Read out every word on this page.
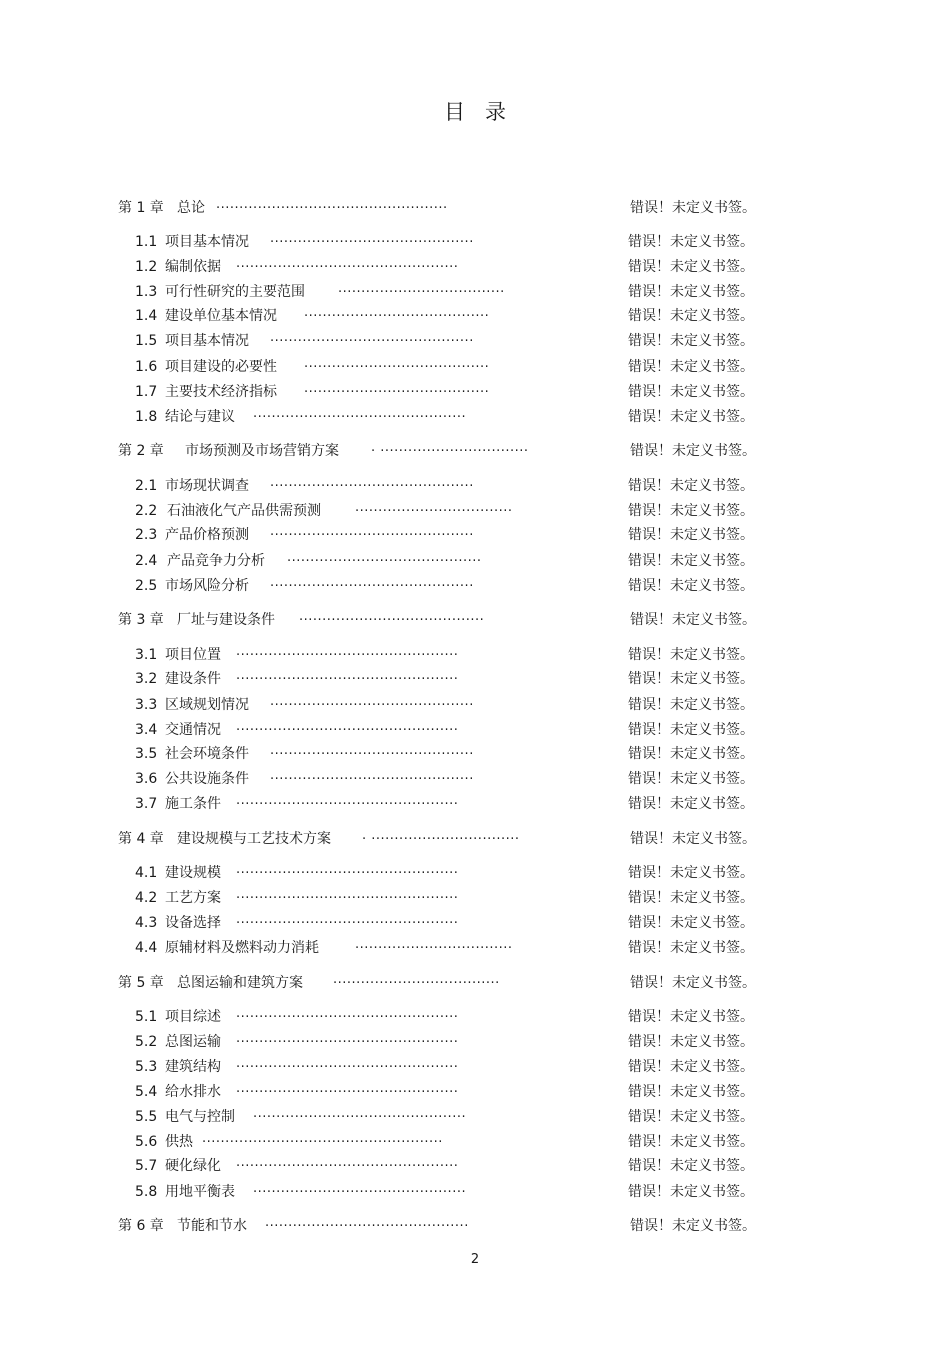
目 录
第 1 章 总论 ..................................................	错误！未定义书签。
1.1 项目基本情况 ............................................	错误！未定义书签。
1.2 编制依据 ................................................	错误！未定义书签。
1.3 可行性研究的主要范围	....................................	错误！未定义书签。
1.4 建设单位基本情况 ........................................	错误！未定义书签。
1.5 项目基本情况 ............................................	错误！未定义书签。
1.6 项目建设的必要性 ........................................	错误！未定义书签。
1.7 主要技术经济指标 ........................................	错误！未定义书签。
1.8 结论与建议 ..............................................	错误！未定义书签。
第 2 章 市场预测及市场营销方案 . ................................	错误！未定义书签。
2.1 市场现状调查 ............................................	错误！未定义书签。
2.2 石油液化气产品供需预测	..................................	错误！未定义书签。
2.3 产品价格预测 ............................................	错误！未定义书签。
2.4 产品竞争力分析 ..........................................	错误！未定义书签。
2.5 市场风险分析 ............................................	错误！未定义书签。
第 3 章 厂址与建设条件 ........................................	错误！未定义书签。
3.1 项目位置 ................................................	错误！未定义书签。
3.2 建设条件 ................................................	错误！未定义书签。
3.3 区域规划情况 ............................................	错误！未定义书签。
3.4 交通情况 ................................................	错误！未定义书签。
3.5 社会环境条件 ............................................	错误！未定义书签。
3.6 公共设施条件 ............................................	错误！未定义书签。
3.7 施工条件 ................................................	错误！未定义书签。
第 4 章 建设规模与工艺技术方案 . ................................	错误！未定义书签。
4.1 建设规模 ................................................	错误！未定义书签。
4.2 工艺方案 ................................................	错误！未定义书签。
4.3 设备选择 ................................................	错误！未定义书签。
4.4 原辅材料及燃料动力消耗	..................................	错误！未定义书签。
第 5 章 总图运输和建筑方案 ....................................	错误！未定义书签。
5.1 项目综述 ................................................	错误！未定义书签。
5.2 总图运输 ................................................	错误！未定义书签。
5.3 建筑结构 ................................................	错误！未定义书签。
5.4 给水排水 ................................................	错误！未定义书签。
5.5 电气与控制 ..............................................	错误！未定义书签。
5.6 供热 ....................................................	错误！未定义书签。
5.7 硬化绿化 ................................................	错误！未定义书签。
5.8 用地平衡表 ..............................................	错误！未定义书签。
第 6 章 节能和节水 ............................................	错误！未定义书签。
2
